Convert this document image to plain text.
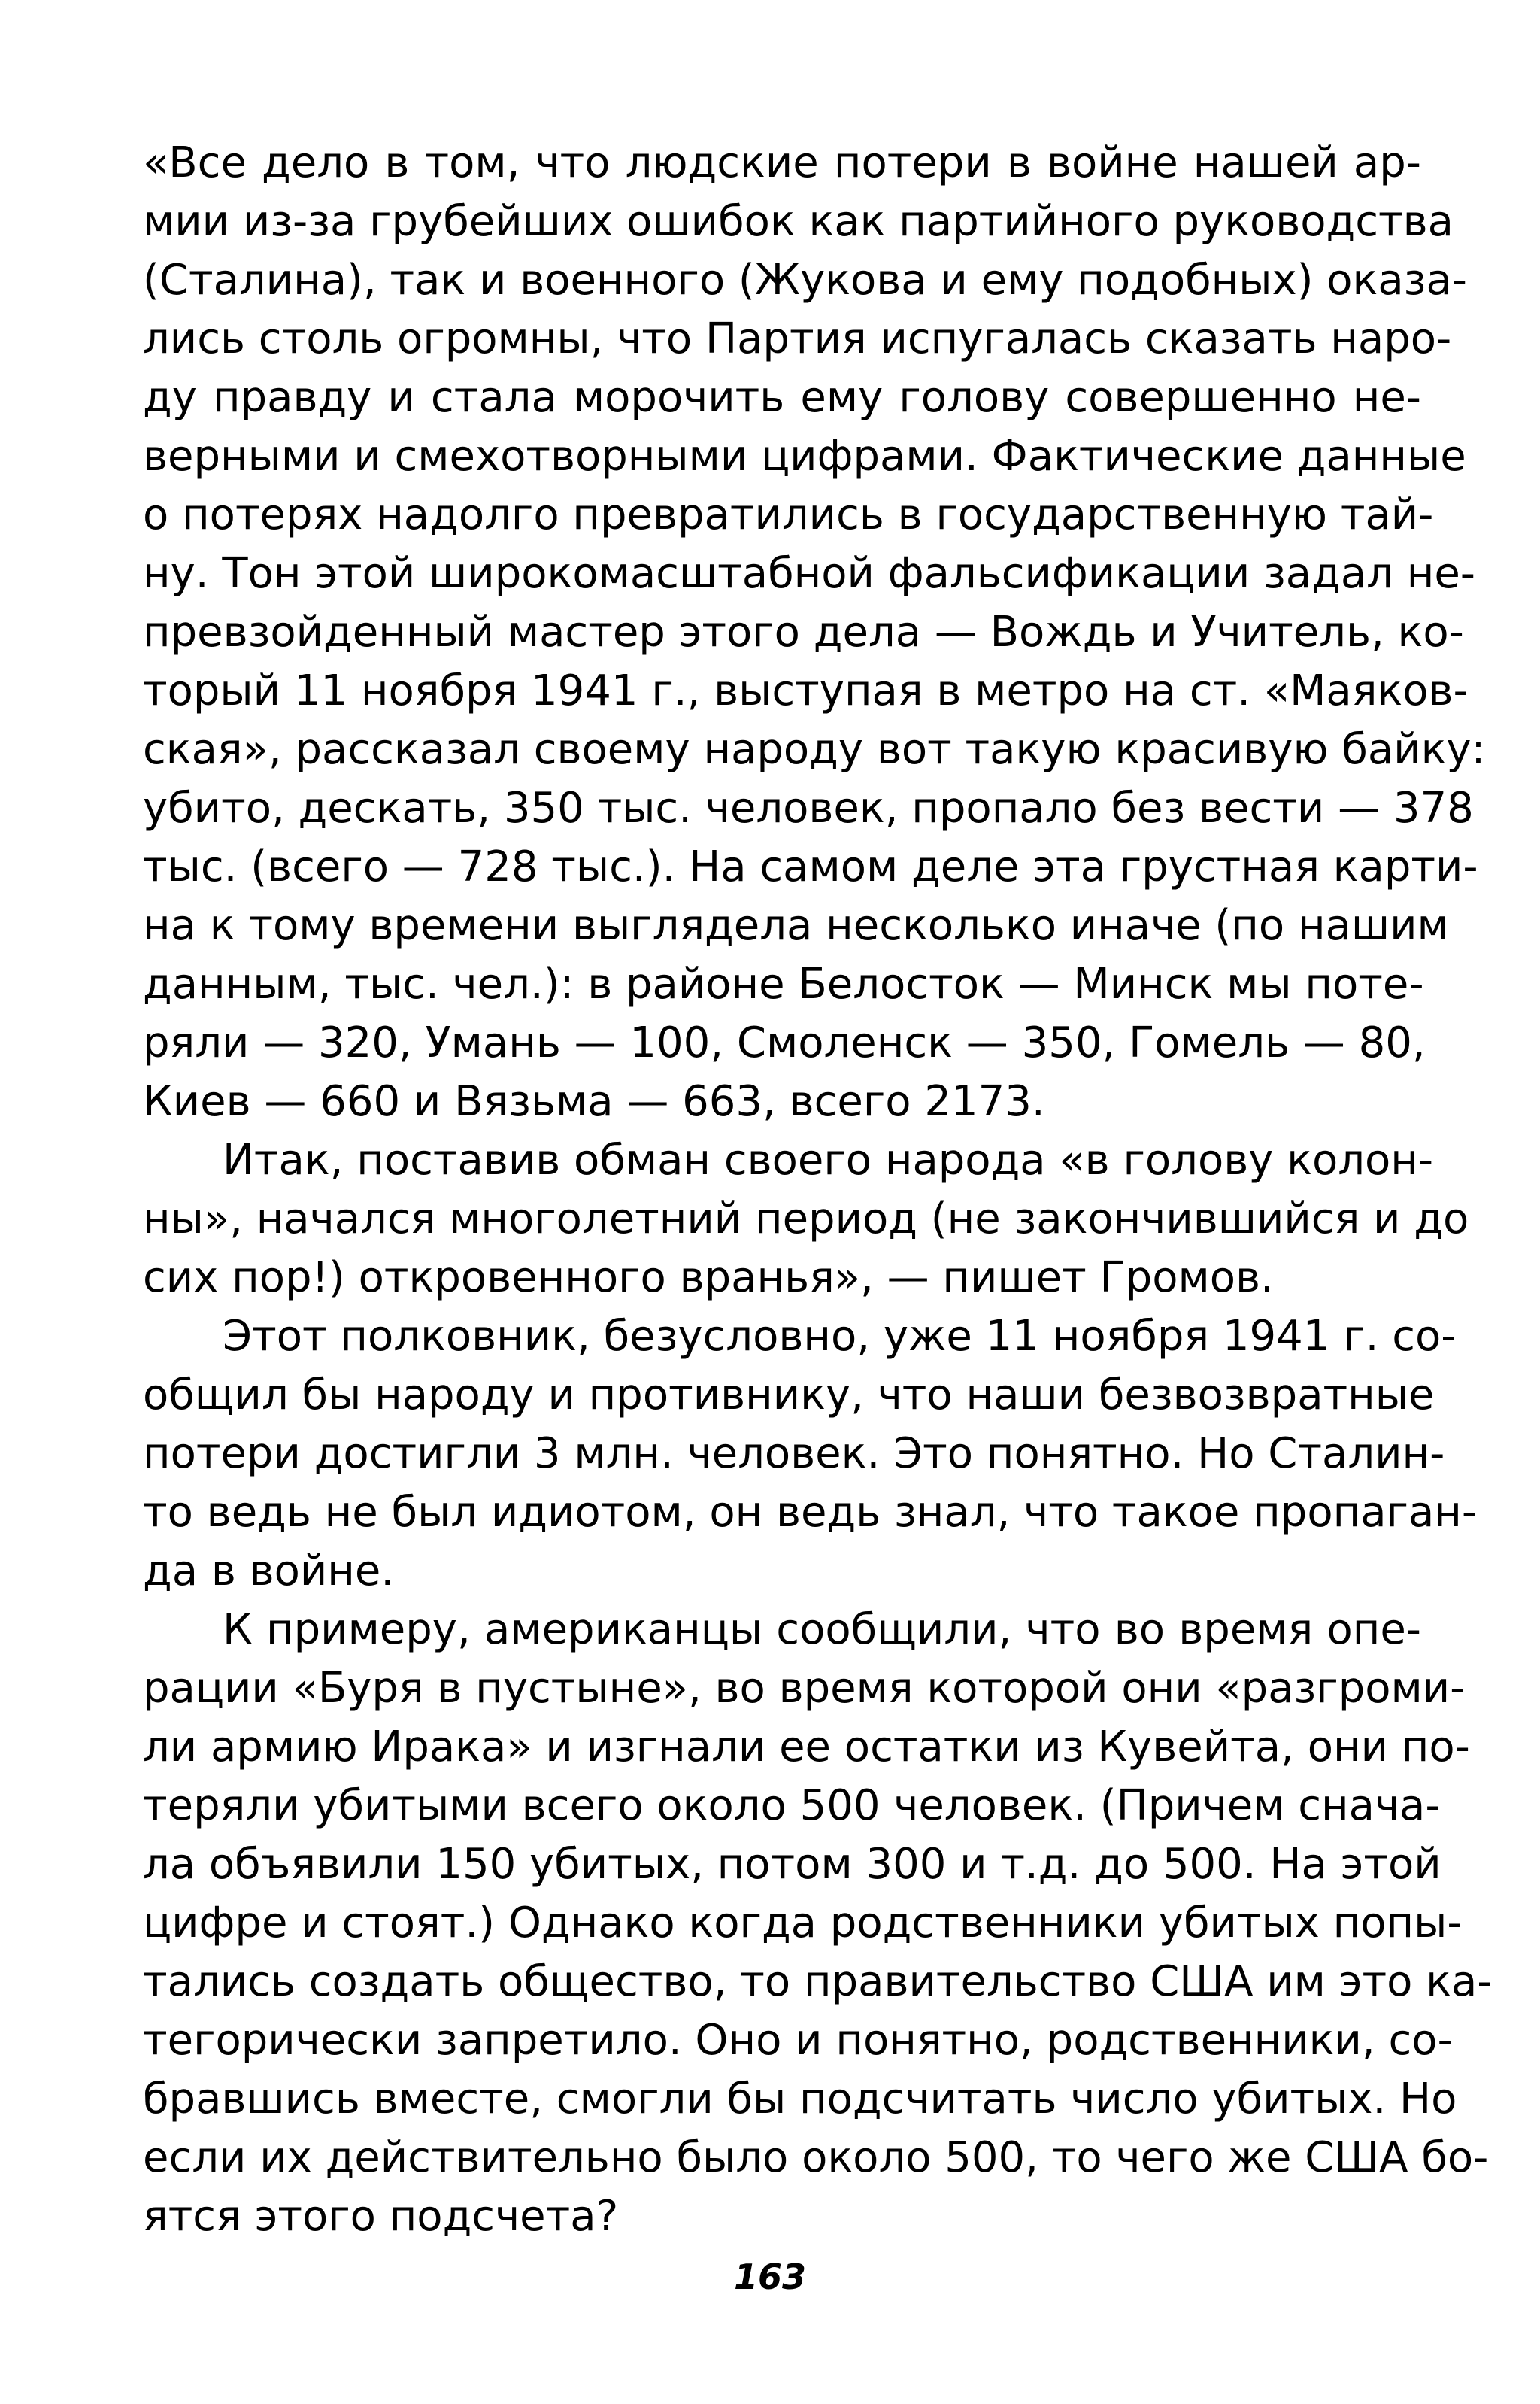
«Все дело в том, что людские потери в войне нашей ар-
мии из-за грубейших ошибок как партийного руководства
(Сталина), так и военного (Жукова и ему подобных) оказа-
лись столь огромны, что Партия испугалась сказать наро-
ду правду и стала морочить ему голову совершенно не-
верными и смехотворными цифрами. Фактические данные
о потерях надолго превратились в государственную тай-
ну. Тон этой широкомасштабной фальсификации задал не-
превзойденный мастер этого дела — Вождь и Учитель, ко-
торый 11 ноября 1941 г., выступая в метро на ст. «Маяков-
ская», рассказал своему народу вот такую красивую байку:
убито, дескать, 350 тыс. человек, пропало без вести — 378
тыс. (всего — 728 тыс.). На самом деле эта грустная карти-
на к тому времени выглядела несколько иначе (по нашим
данным, тыс. чел.): в районе Белосток — Минск мы поте-
ряли — 320, Умань — 100, Смоленск — 350, Гомель — 80,
Киев — 660 и Вязьма — 663, всего 2173.
Итак, поставив обман своего народа «в голову колон-
ны», начался многолетний период (не закончившийся и до
сих пор!) откровенного вранья», — пишет Громов.
Этот полковник, безусловно, уже 11 ноября 1941 г. со-
общил бы народу и противнику, что наши безвозвратные
потери достигли 3 млн. человек. Это понятно. Но Сталин-
то ведь не был идиотом, он ведь знал, что такое пропаган-
да в войне.
К примеру, американцы сообщили, что во время опе-
рации «Буря в пустыне», во время которой они «разгроми-
ли армию Ирака» и изгнали ее остатки из Кувейта, они по-
теряли убитыми всего около 500 человек. (Причем снача-
ла объявили 150 убитых, потом 300 и т.д. до 500. На этой
цифре и стоят.) Однако когда родственники убитых попы-
тались создать общество, то правительство США им это ка-
тегорически запретило. Оно и понятно, родственники, со-
бравшись вместе, смогли бы подсчитать число убитых. Но
если их действительно было около 500, то чего же США бо-
ятся этого подсчета?
163
